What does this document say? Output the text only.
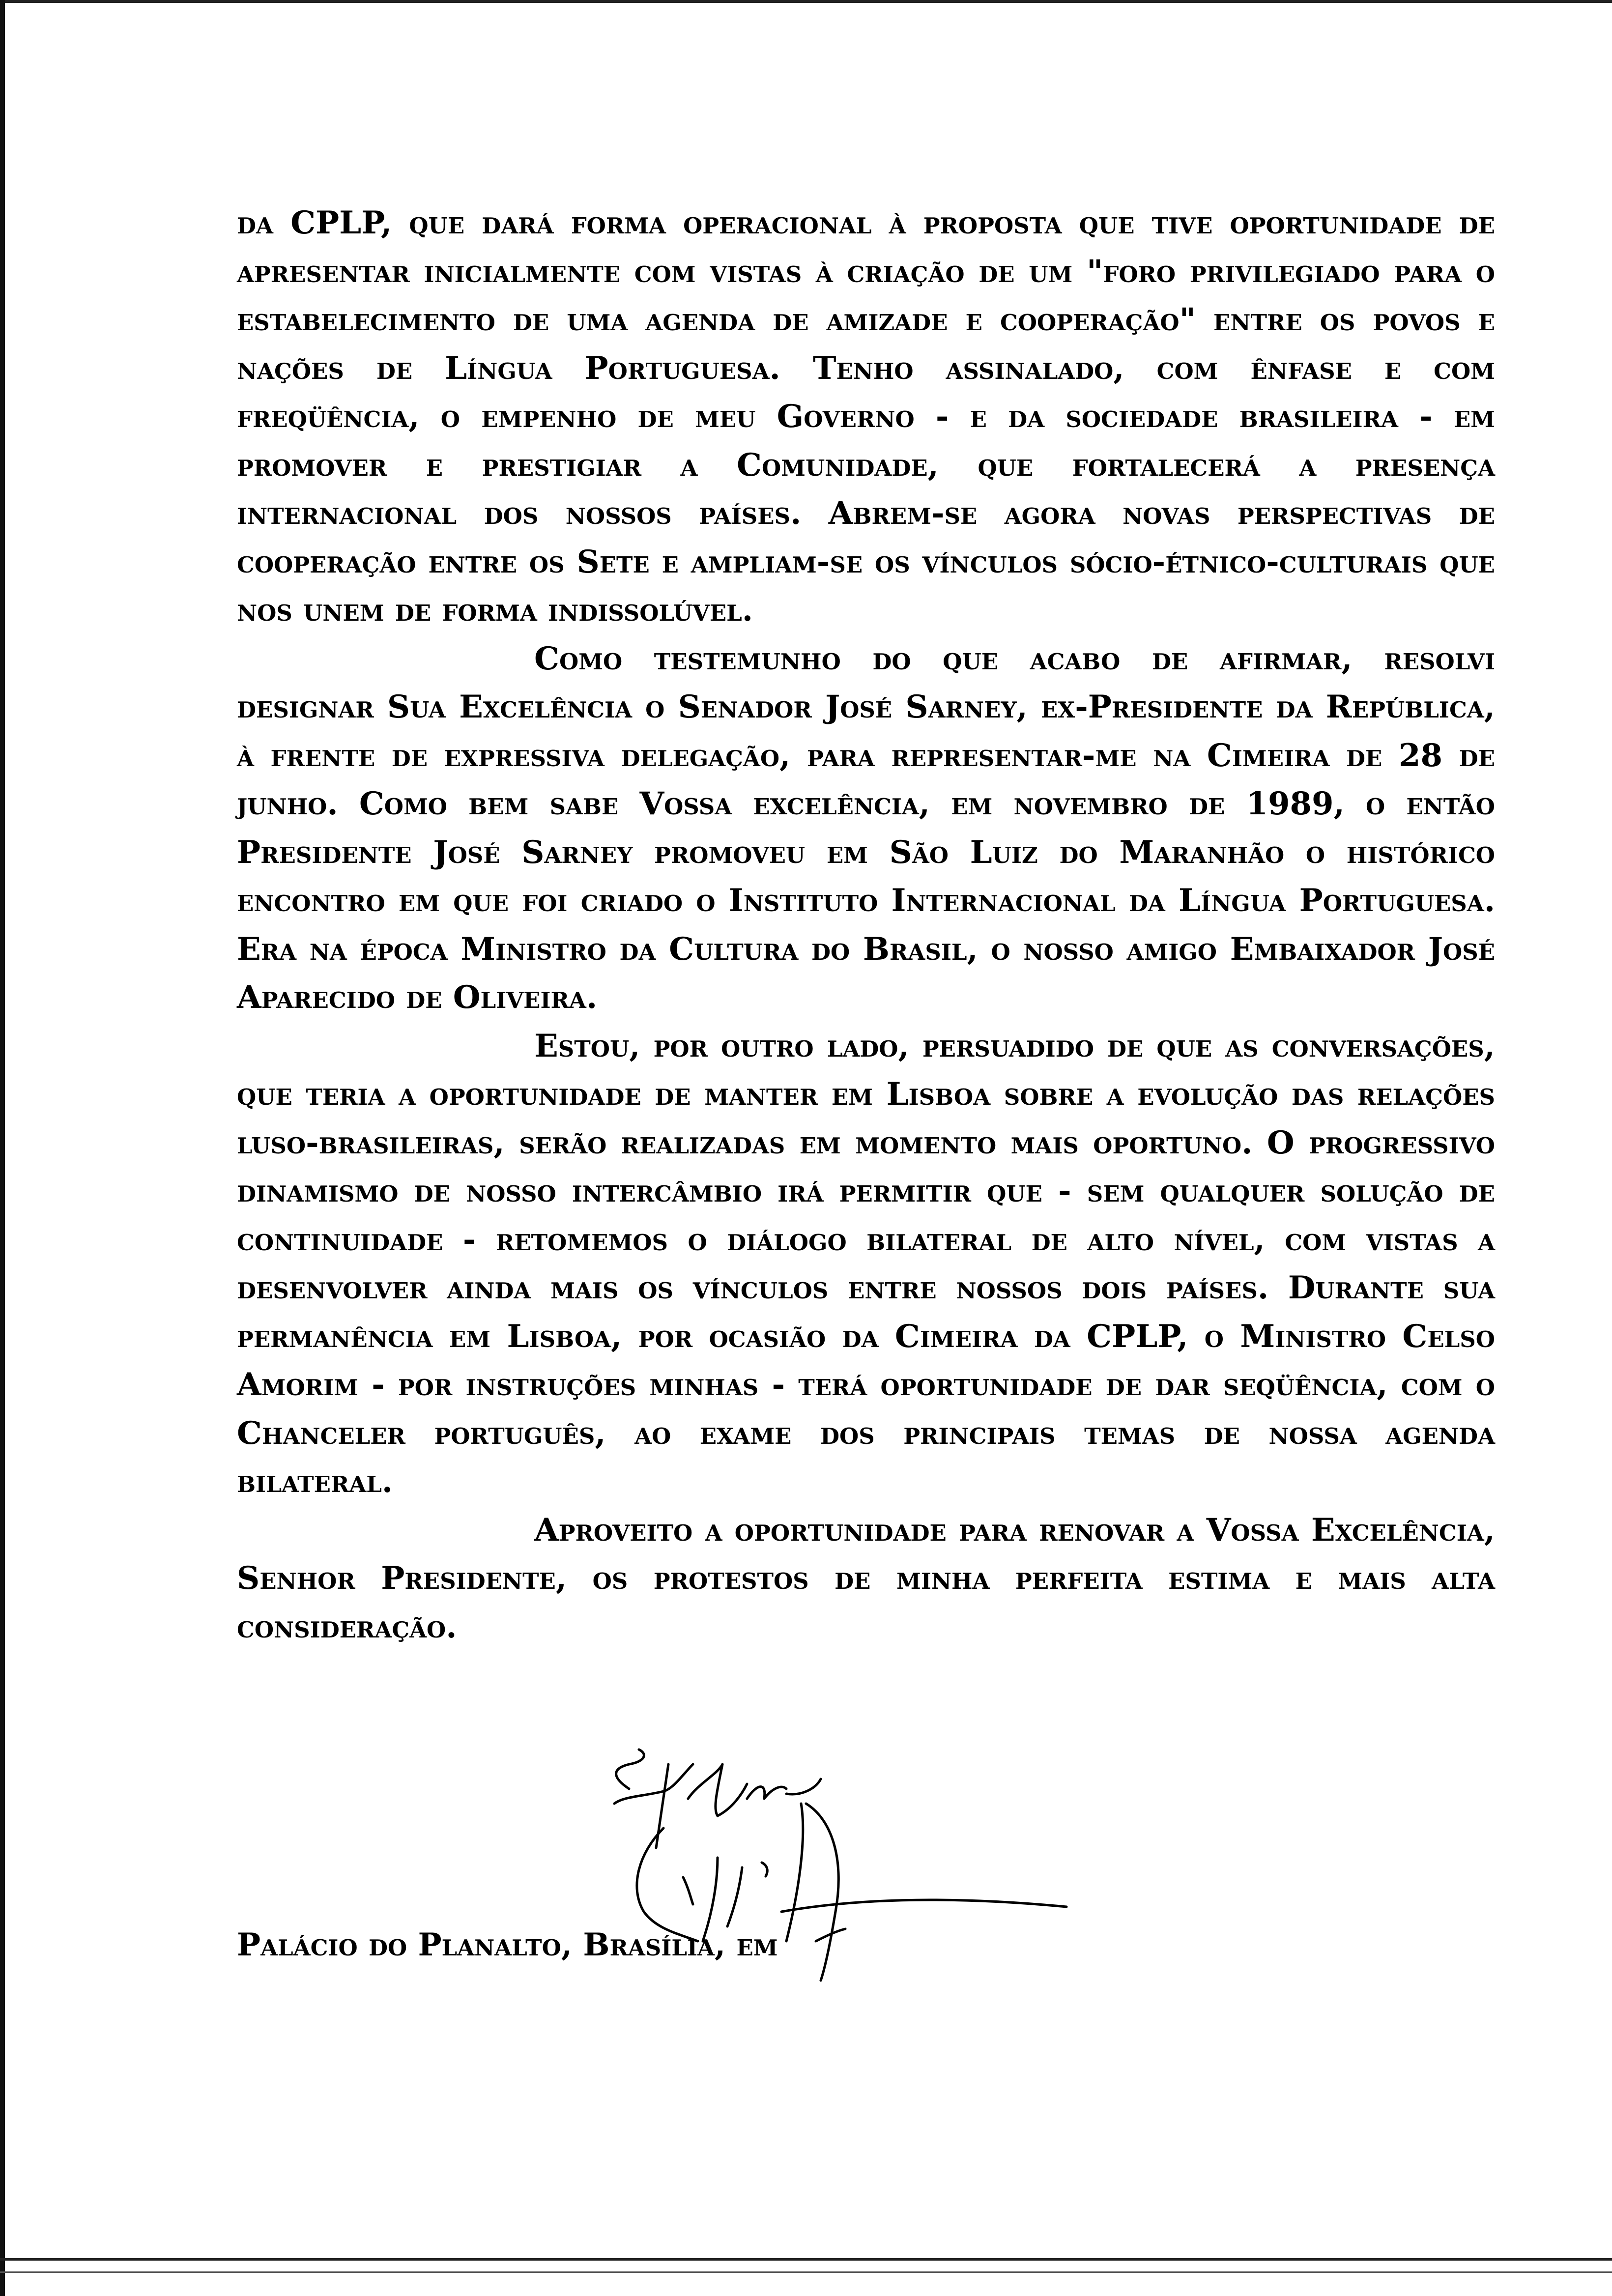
da CPLP, que dará forma operacional à proposta que tive oportunidade de apresentar inicialmente com vistas à criação de um "foro privilegiado para o estabelecimento de uma agenda de amizade e cooperação" entre os povos e nações de Língua Portuguesa. Tenho assinalado, com ênfase e com freqüência, o empenho de meu Governo - e da sociedade brasileira - em promover e prestigiar a Comunidade, que fortalecerá a presença internacional dos nossos países. Abrem-se agora novas perspectivas de cooperação entre os Sete e ampliam-se os vínculos sócio-étnico-culturais que nos unem de forma indissolúvel.

Como testemunho do que acabo de afirmar, resolvi designar Sua Excelência o Senador José Sarney, ex-Presidente da República, à frente de expressiva delegação, para representar-me na Cimeira de 28 de junho. Como bem sabe Vossa excelência, em novembro de 1989, o então Presidente José Sarney promoveu em São Luiz do Maranhão o histórico encontro em que foi criado o Instituto Internacional da Língua Portuguesa. Era na época Ministro da Cultura do Brasil, o nosso amigo Embaixador José Aparecido de Oliveira.

Estou, por outro lado, persuadido de que as conversações, que teria a oportunidade de manter em Lisboa sobre a evolução das relações luso-brasileiras, serão realizadas em momento mais oportuno. O progressivo dinamismo de nosso intercâmbio irá permitir que - sem qualquer solução de continuidade - retomemos o diálogo bilateral de alto nível, com vistas a desenvolver ainda mais os vínculos entre nossos dois países. Durante sua permanência em Lisboa, por ocasião da Cimeira da CPLP, o Ministro Celso Amorim - por instruções minhas - terá oportunidade de dar seqüência, com o Chanceler português, ao exame dos principais temas de nossa agenda bilateral.

Aproveito a oportunidade para renovar a Vossa Excelência, Senhor Presidente, os protestos de minha perfeita estima e mais alta consideração.

Palácio do Planalto, Brasília, em
